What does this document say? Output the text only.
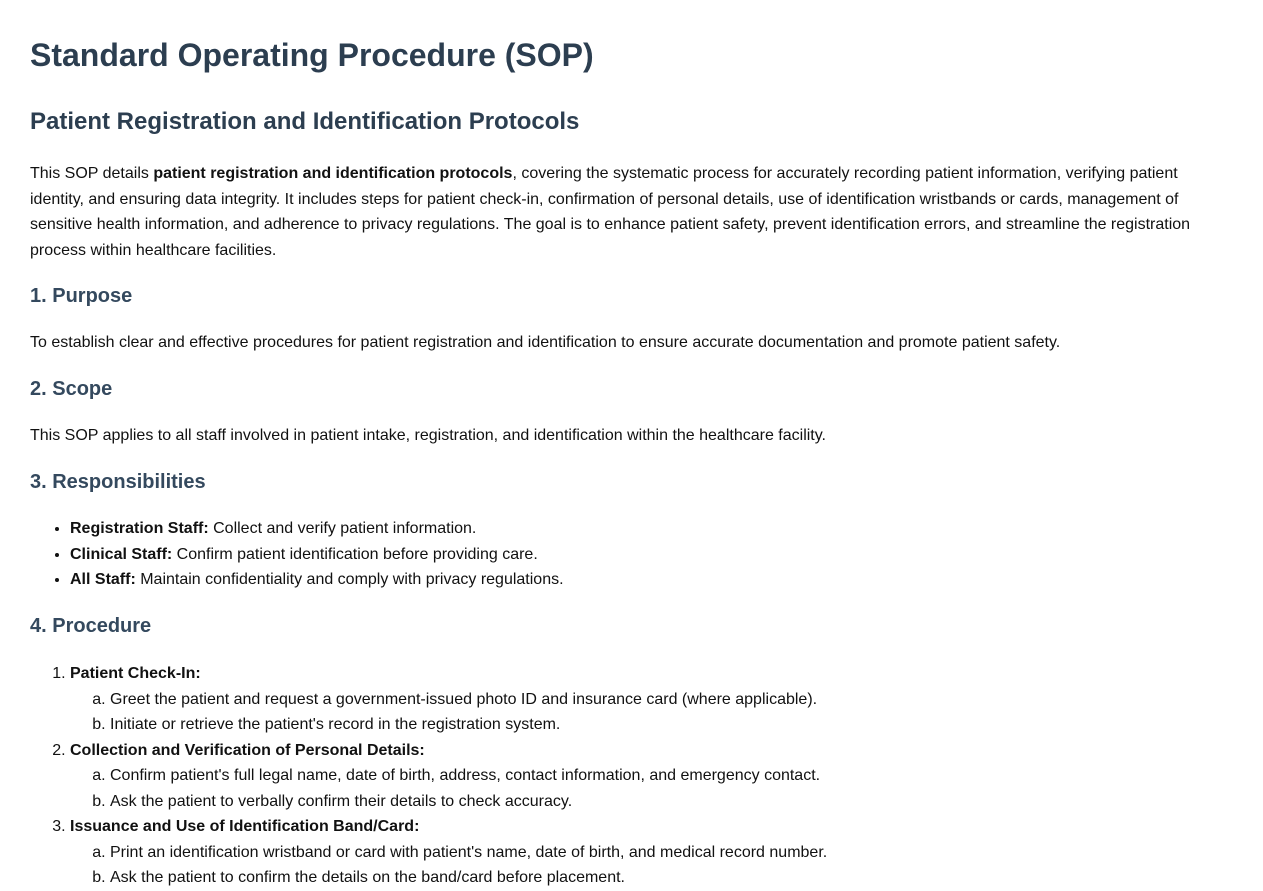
Standard Operating Procedure (SOP)
Patient Registration and Identification Protocols

This SOP details patient registration and identification protocols, covering the systematic process for accurately recording patient information, verifying patient identity, and ensuring data integrity. It includes steps for patient check-in, confirmation of personal details, use of identification wristbands or cards, management of sensitive health information, and adherence to privacy regulations. The goal is to enhance patient safety, prevent identification errors, and streamline the registration process within healthcare facilities.

1. Purpose

To establish clear and effective procedures for patient registration and identification to ensure accurate documentation and promote patient safety.

2. Scope

This SOP applies to all staff involved in patient intake, registration, and identification within the healthcare facility.

3. Responsibilities
• Registration Staff: Collect and verify patient information.
• Clinical Staff: Confirm patient identification before providing care.
• All Staff: Maintain confidentiality and comply with privacy regulations.
4. Procedure
1. Patient Check-In:
a. Greet the patient and request a government-issued photo ID and insurance card (where applicable).
b. Initiate or retrieve the patient's record in the registration system.
2. Collection and Verification of Personal Details:
a. Confirm patient's full legal name, date of birth, address, contact information, and emergency contact.
b. Ask the patient to verbally confirm their details to check accuracy.
3. Issuance and Use of Identification Band/Card:
a. Print an identification wristband or card with patient's name, date of birth, and medical record number.
b. Ask the patient to confirm the details on the band/card before placement.
